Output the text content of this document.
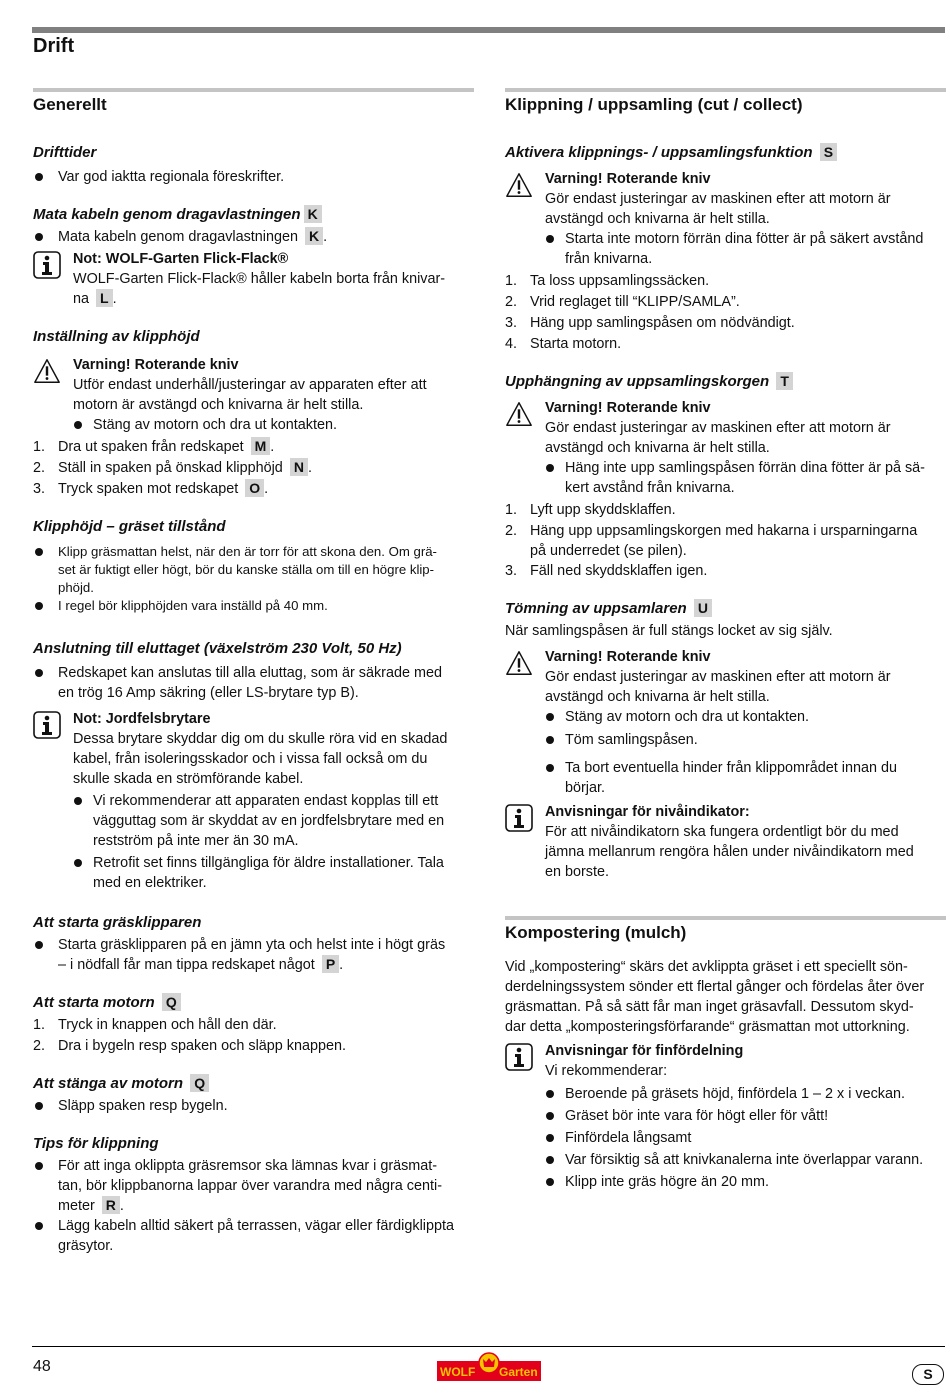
Drift
Generellt
Drifttider
Var god iaktta regionala föreskrifter.
Mata kabeln genom dragavlastningen K
Mata kabeln genom dragavlastningen K .
Not: WOLF-Garten Flick-Flack®
WOLF-Garten Flick-Flack® håller kabeln borta från knivar-
na L .
Inställning av klipphöjd
Varning! Roterande kniv
Utför endast underhåll/justeringar av apparaten efter att
motorn är avstängd och knivarna är helt stilla.
Stäng av motorn och dra ut kontakten.
1. Dra ut spaken från redskapet M .
2. Ställ in spaken på önskad klipphöjd N .
3. Tryck spaken mot redskapet O .
Klipphöjd – gräset tillstånd
Klipp gräsmattan helst, när den är torr för att skona den. Om grä-
set är fuktigt eller högt, bör du kanske ställa om till en högre klip-
phöjd.
I regel bör klipphöjden vara inställd på 40 mm.
Anslutning till eluttaget (växelström 230 Volt, 50 Hz)
Redskapet kan anslutas till alla eluttag, som är säkrade med
en trög 16 Amp säkring (eller LS-brytare typ B).
Not: Jordfelsbrytare
Dessa brytare skyddar dig om du skulle röra vid en skadad
kabel, från isoleringsskador och i vissa fall också om du
skulle skada en strömförande kabel.
Vi rekommenderar att apparaten endast kopplas till ett
vägguttag som är skyddat av en jordfelsbrytare med en
restström på inte mer än 30 mA.
Retrofit set finns tillgängliga för äldre installationer. Tala
med en elektriker.
Att starta gräsklipparen
Starta gräsklipparen på en jämn yta och helst inte i högt gräs
– i nödfall får man tippa redskapet något P .
Att starta motorn Q
1. Tryck in knappen och håll den där.
2. Dra i bygeln resp spaken och släpp knappen.
Att stänga av motorn Q
Släpp spaken resp bygeln.
Tips för klippning
För att inga oklippta gräsremsor ska lämnas kvar i gräsmat-
tan, bör klippbanorna lappar över varandra med några centi-
meter R .
Lägg kabeln alltid säkert på terrassen, vägar eller färdigklippta
gräsytor.
Klippning / uppsamling (cut / collect)
Aktivera klippnings- / uppsamlingsfunktion S
Varning! Roterande kniv
Gör endast justeringar av maskinen efter att motorn är
avstängd och knivarna är helt stilla.
Starta inte motorn förrän dina fötter är på säkert avstånd
från knivarna.
1. Ta loss uppsamlingssäcken.
2. Vrid reglaget till “KLIPP/SAMLA”.
3. Häng upp samlingspåsen om nödvändigt.
4. Starta motorn.
Upphängning av uppsamlingskorgen T
Varning! Roterande kniv
Gör endast justeringar av maskinen efter att motorn är
avstängd och knivarna är helt stilla.
Häng inte upp samlingspåsen förrän dina fötter är på sä-
kert avstånd från knivarna.
1. Lyft upp skyddsklaffen.
2. Häng upp uppsamlingskorgen med hakarna i ursparningarna
på underredet (se pilen).
3. Fäll ned skyddsklaffen igen.
Tömning av uppsamlaren U
När samlingspåsen är full stängs locket av sig själv.
Varning! Roterande kniv
Gör endast justeringar av maskinen efter att motorn är
avstängd och knivarna är helt stilla.
Stäng av motorn och dra ut kontakten.
Töm samlingspåsen.
Ta bort eventuella hinder från klippområdet innan du
börjar.
Anvisningar för nivåindikator:
För att nivåindikatorn ska fungera ordentligt bör du med
jämna mellanrum rengöra hålen under nivåindikatorn med
en borste.
Kompostering (mulch)
Vid „kompostering“ skärs det avklippta gräset i ett speciellt sön-
derdelningssystem sönder ett flertal gånger och fördelas åter över
gräsmattan. På så sätt får man inget gräsavfall. Dessutom skyd-
dar detta „komposteringsförfarande“ gräsmattan mot uttorkning.
Anvisningar för finfördelning
Vi rekommenderar:
Beroende på gräsets höjd, finfördela 1 – 2 x i veckan.
Gräset bör inte vara för högt eller för vått!
Finfördela långsamt
Var försiktig så att knivkanalerna inte överlappar varann.
Klipp inte gräs högre än 20 mm.
48	WOLF Garten	S
